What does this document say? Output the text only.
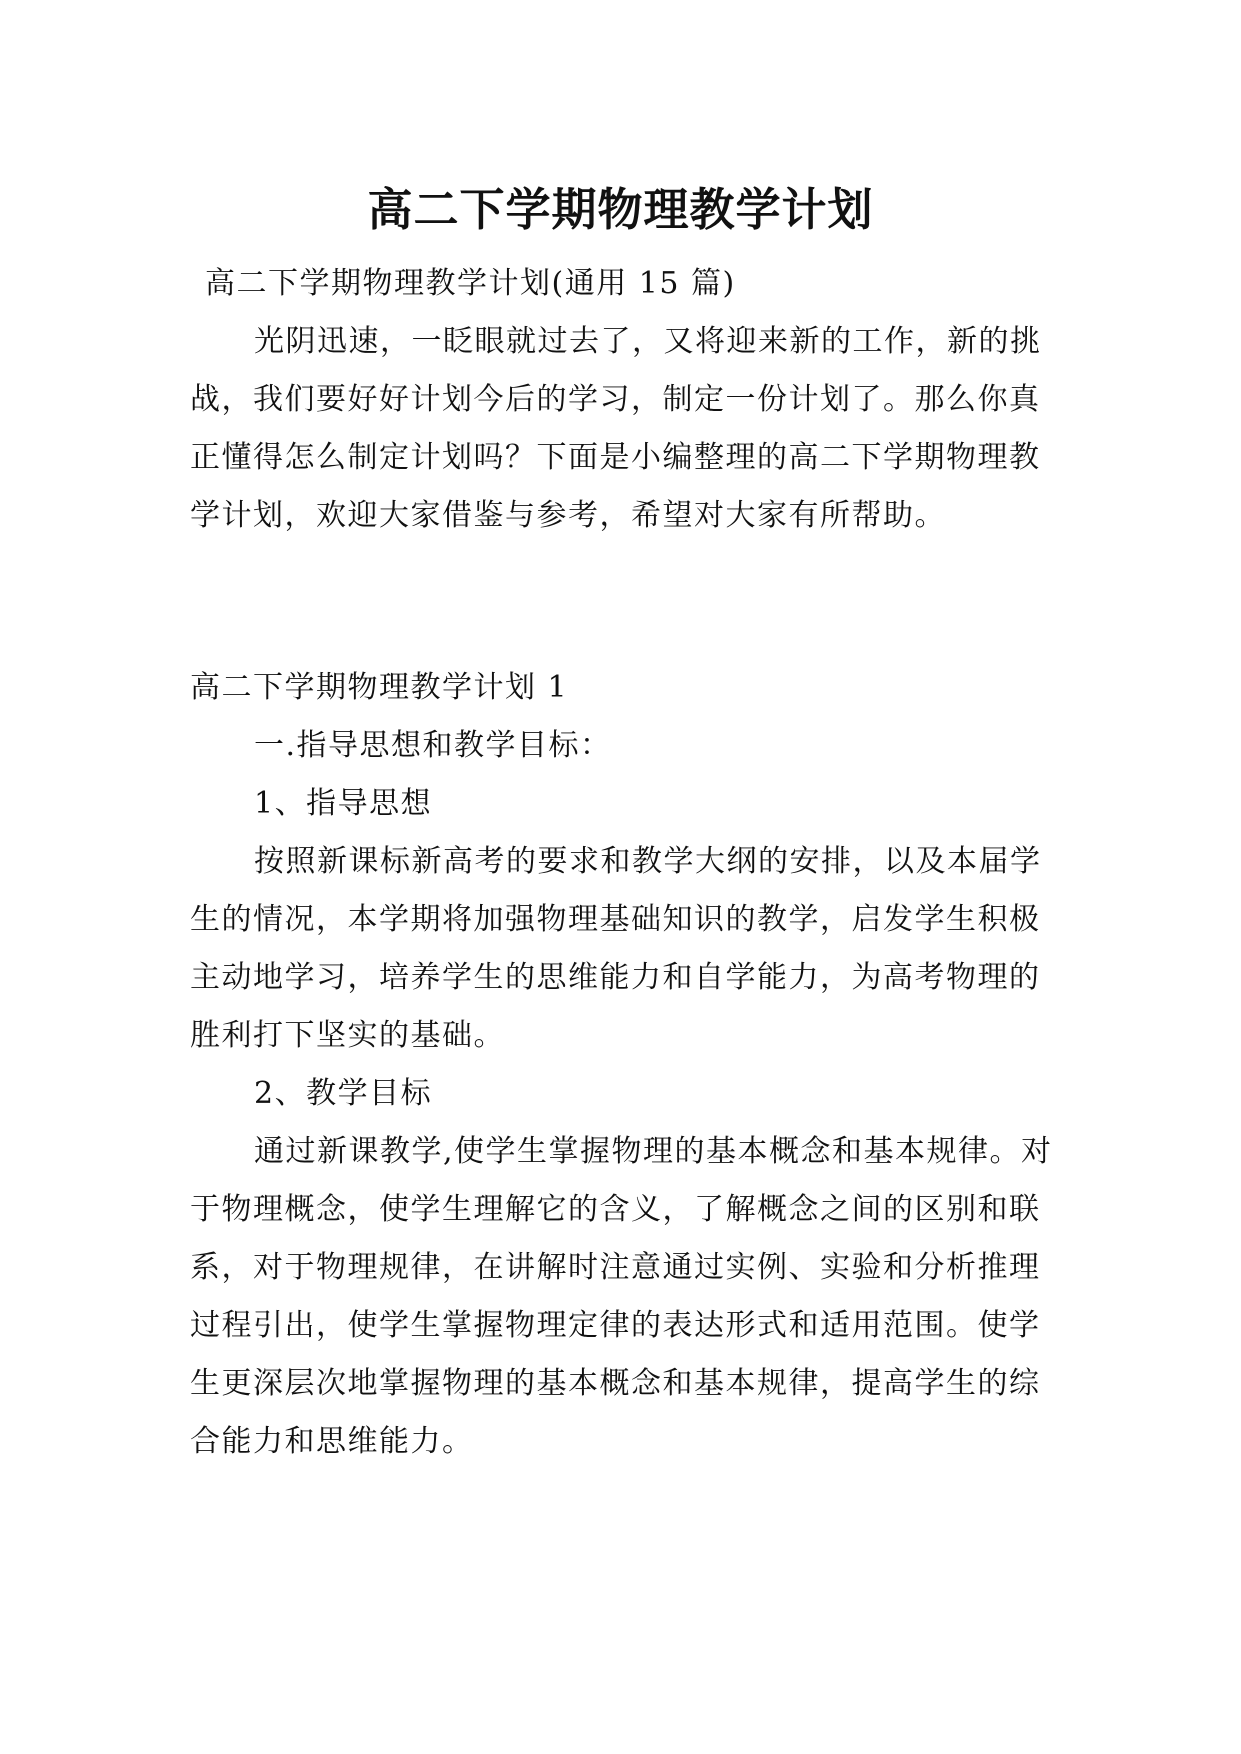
高二下学期物理教学计划

高二下学期物理教学计划(通用 15 篇)

光阴迅速，一眨眼就过去了，又将迎来新的工作，新的挑战，我们要好好计划今后的学习，制定一份计划了。那么你真正懂得怎么制定计划吗？下面是小编整理的高二下学期物理教学计划，欢迎大家借鉴与参考，希望对大家有所帮助。

高二下学期物理教学计划 1

一.指导思想和教学目标：

1、指导思想

按照新课标新高考的要求和教学大纲的安排，以及本届学生的情况，本学期将加强物理基础知识的教学，启发学生积极主动地学习，培养学生的思维能力和自学能力，为高考物理的胜利打下坚实的基础。

2、教学目标

通过新课教学,使学生掌握物理的基本概念和基本规律。对于物理概念，使学生理解它的含义，了解概念之间的区别和联系，对于物理规律，在讲解时注意通过实例、实验和分析推理过程引出，使学生掌握物理定律的表达形式和适用范围。使学生更深层次地掌握物理的基本概念和基本规律，提高学生的综合能力和思维能力。
